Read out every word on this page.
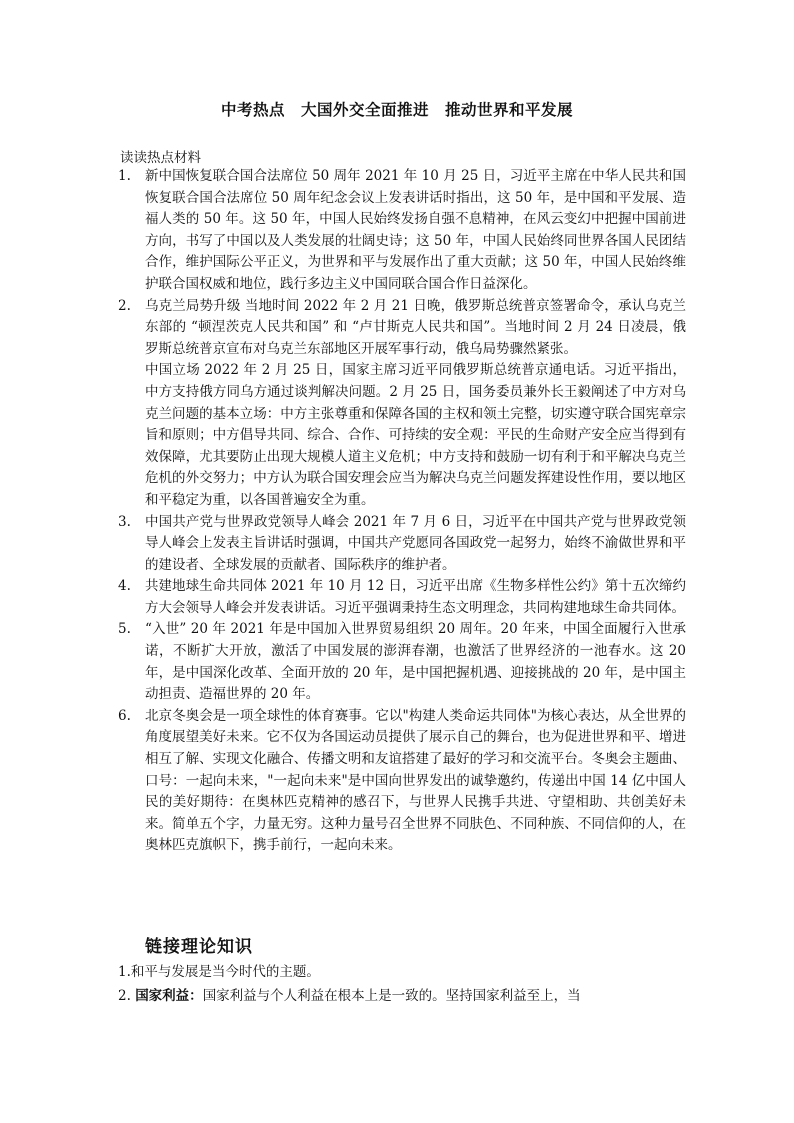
中考热点　大国外交全面推进　推动世界和平发展
读读热点材料
1. 新中国恢复联合国合法席位 50 周年 2021 年 10 月 25 日，习近平主席在中华人民共和国恢复联合国合法席位 50 周年纪念会议上发表讲话时指出，这 50 年，是中国和平发展、造福人类的 50 年。这 50 年，中国人民始终发扬自强不息精神，在风云变幻中把握中国前进方向，书写了中国以及人类发展的壮阔史诗；这 50 年，中国人民始终同世界各国人民团结合作，维护国际公平正义，为世界和平与发展作出了重大贡献；这 50 年，中国人民始终维护联合国权威和地位，践行多边主义中国同联合国合作日益深化。

2. 乌克兰局势升级 当地时间 2022 年 2 月 21 日晚，俄罗斯总统普京签署命令，承认乌克兰东部的 “顿涅茨克人民共和国” 和 “卢甘斯克人民共和国”。当地时间 2 月 24 日凌晨，俄罗斯总统普京宣布对乌克兰东部地区开展军事行动，俄乌局势骤然紧张。

中国立场 2022 年 2 月 25 日，国家主席习近平同俄罗斯总统普京通电话。习近平指出，中方支持俄方同乌方通过谈判解决问题。2 月 25 日，国务委员兼外长王毅阐述了中方对乌克兰问题的基本立场：中方主张尊重和保障各国的主权和领土完整，切实遵守联合国宪章宗旨和原则；中方倡导共同、综合、合作、可持续的安全观：平民的生命财产安全应当得到有效保障，尤其要防止出现大规模人道主义危机；中方支持和鼓励一切有利于和平解决乌克兰危机的外交努力；中方认为联合国安理会应当为解决乌克兰问题发挥建设性作用，要以地区和平稳定为重，以各国普遍安全为重。

3. 中国共产党与世界政党领导人峰会 2021 年 7 月 6 日，习近平在中国共产党与世界政党领导人峰会上发表主旨讲话时强调，中国共产党愿同各国政党一起努力，始终不渝做世界和平的建设者、全球发展的贡献者、国际秩序的维护者。

4. 共建地球生命共同体 2021 年 10 月 12 日，习近平出席《生物多样性公约》第十五次缔约方大会领导人峰会并发表讲话。习近平强调秉持生态文明理念，共同构建地球生命共同体。

5. “入世” 20 年 2021 年是中国加入世界贸易组织 20 周年。20 年来，中国全面履行入世承诺，不断扩大开放，激活了中国发展的澎湃春潮，也激活了世界经济的一池春水。这 20 年，是中国深化改革、全面开放的 20 年，是中国把握机遇、迎接挑战的 20 年，是中国主动担责、造福世界的 20 年。

6. 北京冬奥会是一项全球性的体育赛事。它以"构建人类命运共同体"为核心表达，从全世界的角度展望美好未来。它不仅为各国运动员提供了展示自己的舞台，也为促进世界和平、增进相互了解、实现文化融合、传播文明和友谊搭建了最好的学习和交流平台。冬奥会主题曲、口号：一起向未来，"一起向未来"是中国向世界发出的诚挚邀约，传递出中国 14 亿中国人民的美好期待：在奥林匹克精神的感召下，与世界人民携手共进、守望相助、共创美好未来。简单五个字，力量无穷。这种力量号召全世界不同肤色、不同种族、不同信仰的人，在奥林匹克旗帜下，携手前行，一起向未来。

链接理论知识

1.和平与发展是当今时代的主题。

2. 国家利益：国家利益与个人利益在根本上是一致的。坚持国家利益至上，当
